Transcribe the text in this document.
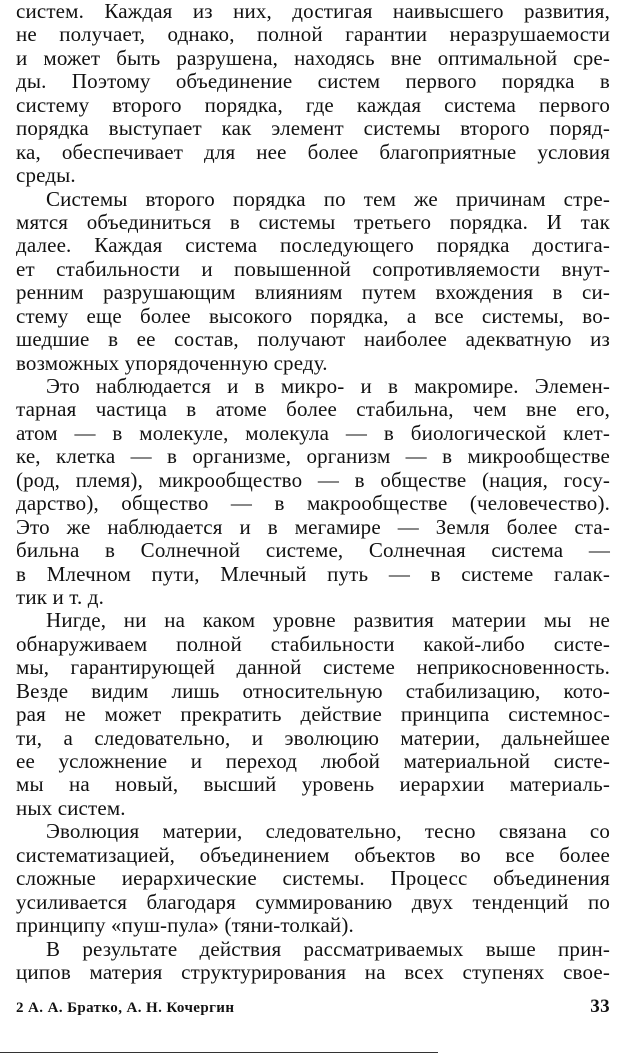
систем. Каждая из них, достигая наивысшего развития,
не получает, однако, полной гарантии неразрушаемости
и может быть разрушена, находясь вне оптимальной сре-
ды. Поэтому объединение систем первого порядка в
систему второго порядка, где каждая система первого
порядка выступает как элемент системы второго поряд-
ка, обеспечивает для нее более благоприятные условия
среды.
Системы второго порядка по тем же причинам стре-
мятся объединиться в системы третьего порядка. И так
далее. Каждая система последующего порядка достига-
ет стабильности и повышенной сопротивляемости внут-
ренним разрушающим влияниям путем вхождения в си-
стему еще более высокого порядка, а все системы, во-
шедшие в ее состав, получают наиболее адекватную из
возможных упорядоченную среду.
Это наблюдается и в микро- и в макромире. Элемен-
тарная частица в атоме более стабильна, чем вне его,
атом — в молекуле, молекула — в биологической клет-
ке, клетка — в организме, организм — в микрообществе
(род, племя), микрообщество — в обществе (нация, госу-
дарство), общество — в макрообществе (человечество).
Это же наблюдается и в мегамире — Земля более ста-
бильна в Солнечной системе, Солнечная система —
в Млечном пути, Млечный путь — в системе галак-
тик и т. д.
Нигде, ни на каком уровне развития материи мы не
обнаруживаем полной стабильности какой-либо систе-
мы, гарантирующей данной системе неприкосновенность.
Везде видим лишь относительную стабилизацию, кото-
рая не может прекратить действие принципа системнос-
ти, а следовательно, и эволюцию материи, дальнейшее
ее усложнение и переход любой материальной систе-
мы на новый, высший уровень иерархии материаль-
ных систем.
Эволюция материи, следовательно, тесно связана со
систематизацией, объединением объектов во все более
сложные иерархические системы. Процесс объединения
усиливается благодаря суммированию двух тенденций по
принципу «пуш-пула» (тяни-толкай).
В результате действия рассматриваемых выше прин-
ципов материя структурирования на всех ступенях свое-
2 А. А. Братко, А. Н. Кочергин	33
